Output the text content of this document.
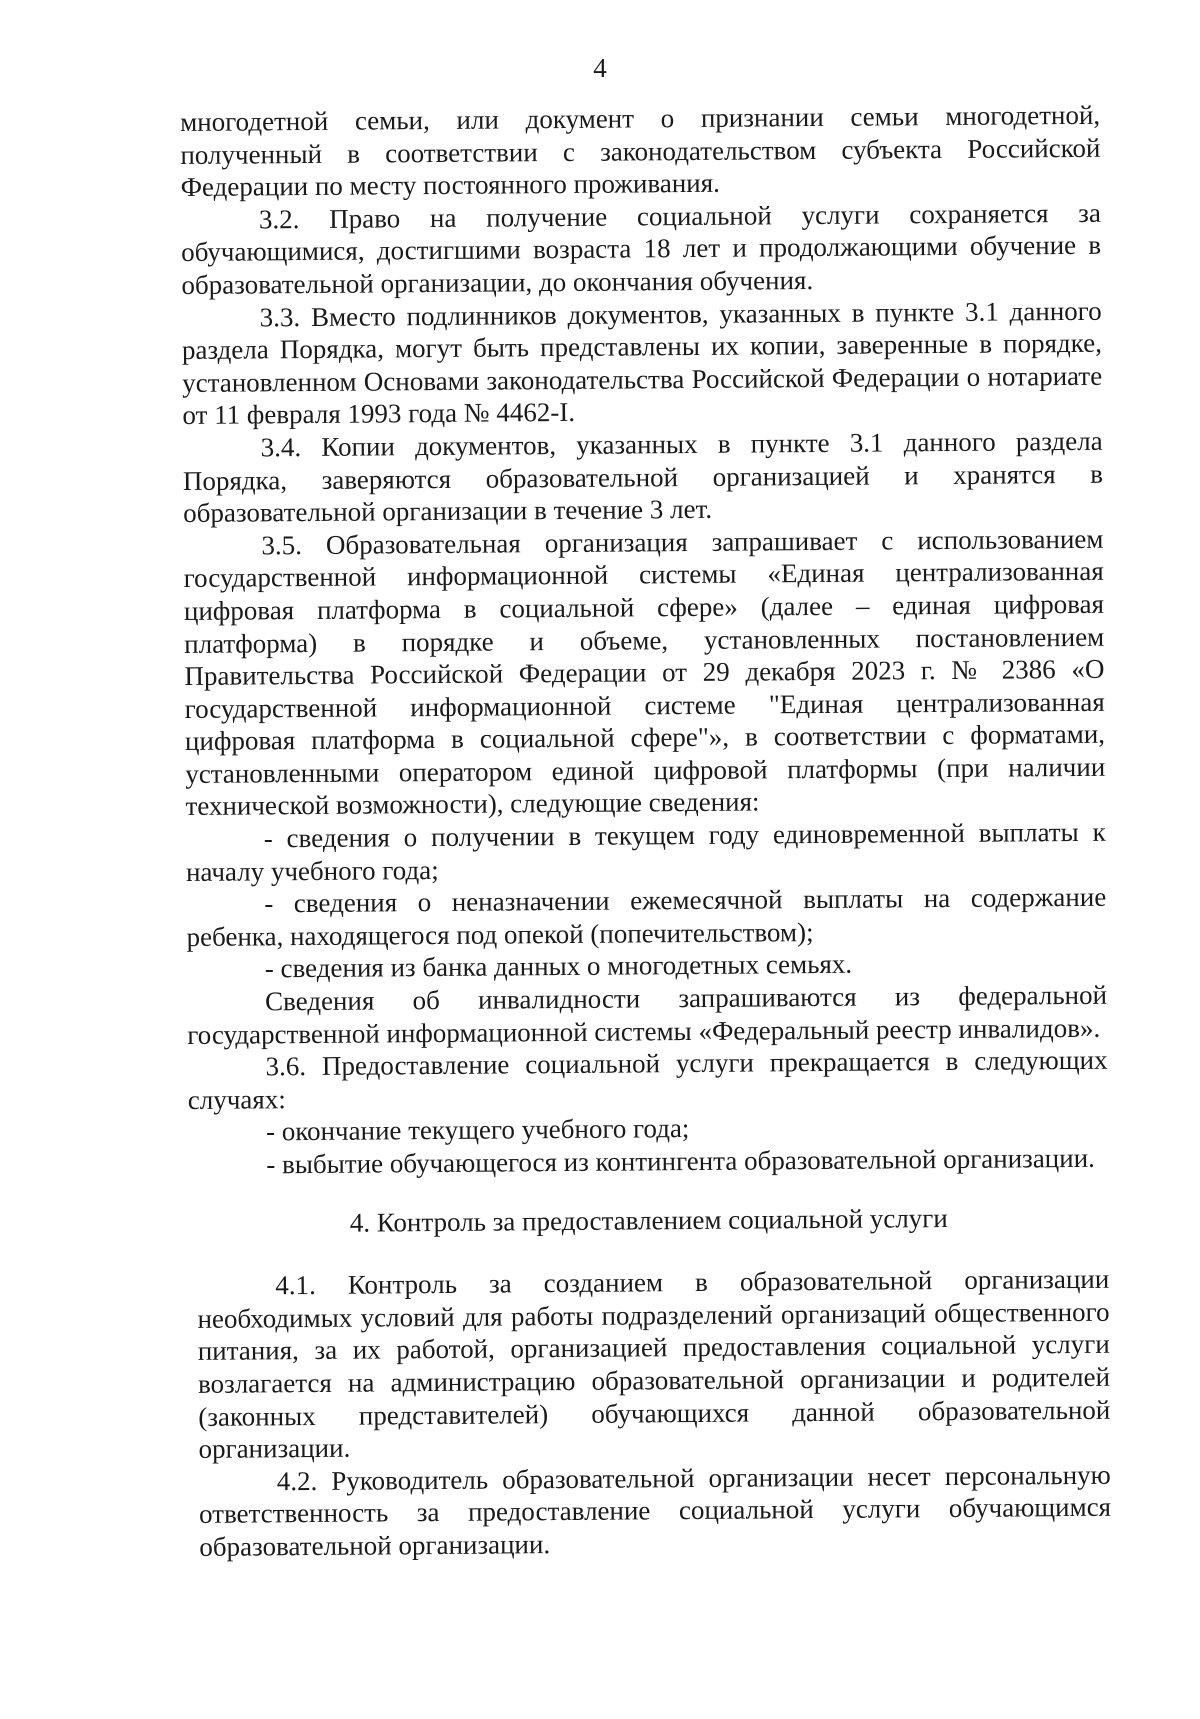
4

многодетной семьи, или документ о признании семьи многодетной, полученный в соответствии с законодательством субъекта Российской Федерации по месту постоянного проживания.

3.2. Право на получение социальной услуги сохраняется за обучающимися, достигшими возраста 18 лет и продолжающими обучение в образовательной организации, до окончания обучения.

3.3. Вместо подлинников документов, указанных в пункте 3.1 данного раздела Порядка, могут быть представлены их копии, заверенные в порядке, установленном Основами законодательства Российской Федерации о нотариате от 11 февраля 1993 года № 4462-I.

3.4. Копии документов, указанных в пункте 3.1 данного раздела Порядка, заверяются образовательной организацией и хранятся в образовательной организации в течение 3 лет.

3.5. Образовательная организация запрашивает с использованием государственной информационной системы «Единая централизованная цифровая платформа в социальной сфере» (далее – единая цифровая платформа) в порядке и объеме, установленных постановлением Правительства Российской Федерации от 29 декабря 2023 г. № 2386 «О государственной информационной системе "Единая централизованная цифровая платформа в социальной сфере"», в соответствии с форматами, установленными оператором единой цифровой платформы (при наличии технической возможности), следующие сведения:

- сведения о получении в текущем году единовременной выплаты к началу учебного года;

- сведения о неназначении ежемесячной выплаты на содержание ребенка, находящегося под опекой (попечительством);

- сведения из банка данных о многодетных семьях.

Сведения об инвалидности запрашиваются из федеральной государственной информационной системы «Федеральный реестр инвалидов».

3.6. Предоставление социальной услуги прекращается в следующих случаях:

- окончание текущего учебного года;

- выбытие обучающегося из контингента образовательной организации.

4. Контроль за предоставлением социальной услуги

4.1. Контроль за созданием в образовательной организации необходимых условий для работы подразделений организаций общественного питания, за их работой, организацией предоставления социальной услуги возлагается на администрацию образовательной организации и родителей (законных представителей) обучающихся данной образовательной организации.

4.2. Руководитель образовательной организации несет персональную ответственность за предоставление социальной услуги обучающимся образовательной организации.
